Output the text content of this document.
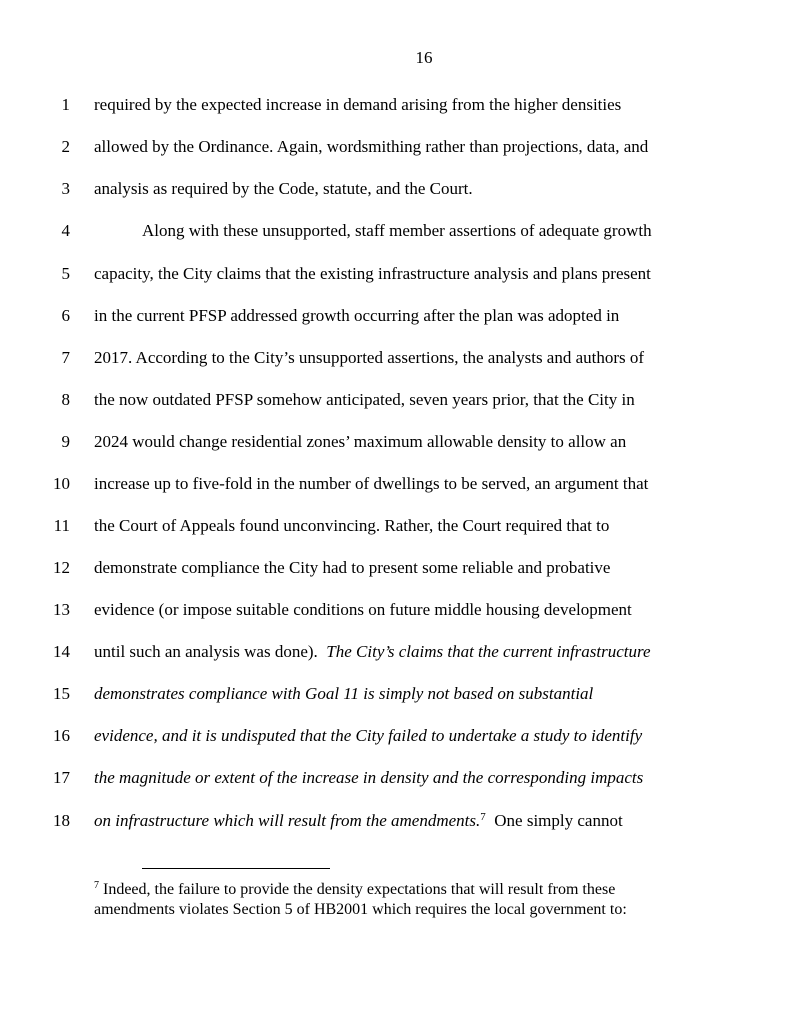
16
1 required by the expected increase in demand arising from the higher densities
2 allowed by the Ordinance. Again, wordsmithing rather than projections, data, and
3 analysis as required by the Code, statute, and the Court.
4	Along with these unsupported, staff member assertions of adequate growth
5 capacity, the City claims that the existing infrastructure analysis and plans present
6 in the current PFSP addressed growth occurring after the plan was adopted in
7 2017. According to the City’s unsupported assertions, the analysts and authors of
8 the now outdated PFSP somehow anticipated, seven years prior, that the City in
9 2024 would change residential zones’ maximum allowable density to allow an
10 increase up to five-fold in the number of dwellings to be served, an argument that
11 the Court of Appeals found unconvincing. Rather, the Court required that to
12 demonstrate compliance the City had to present some reliable and probative
13 evidence (or impose suitable conditions on future middle housing development
14 until such an analysis was done). The City’s claims that the current infrastructure
15 demonstrates compliance with Goal 11 is simply not based on substantial
16 evidence, and it is undisputed that the City failed to undertake a study to identify
17 the magnitude or extent of the increase in density and the corresponding impacts
18 on infrastructure which will result from the amendments.$^7$ One simply cannot
$^7$ Indeed, the failure to provide the density expectations that will result from these
amendments violates Section 5 of HB2001 which requires the local government to:
